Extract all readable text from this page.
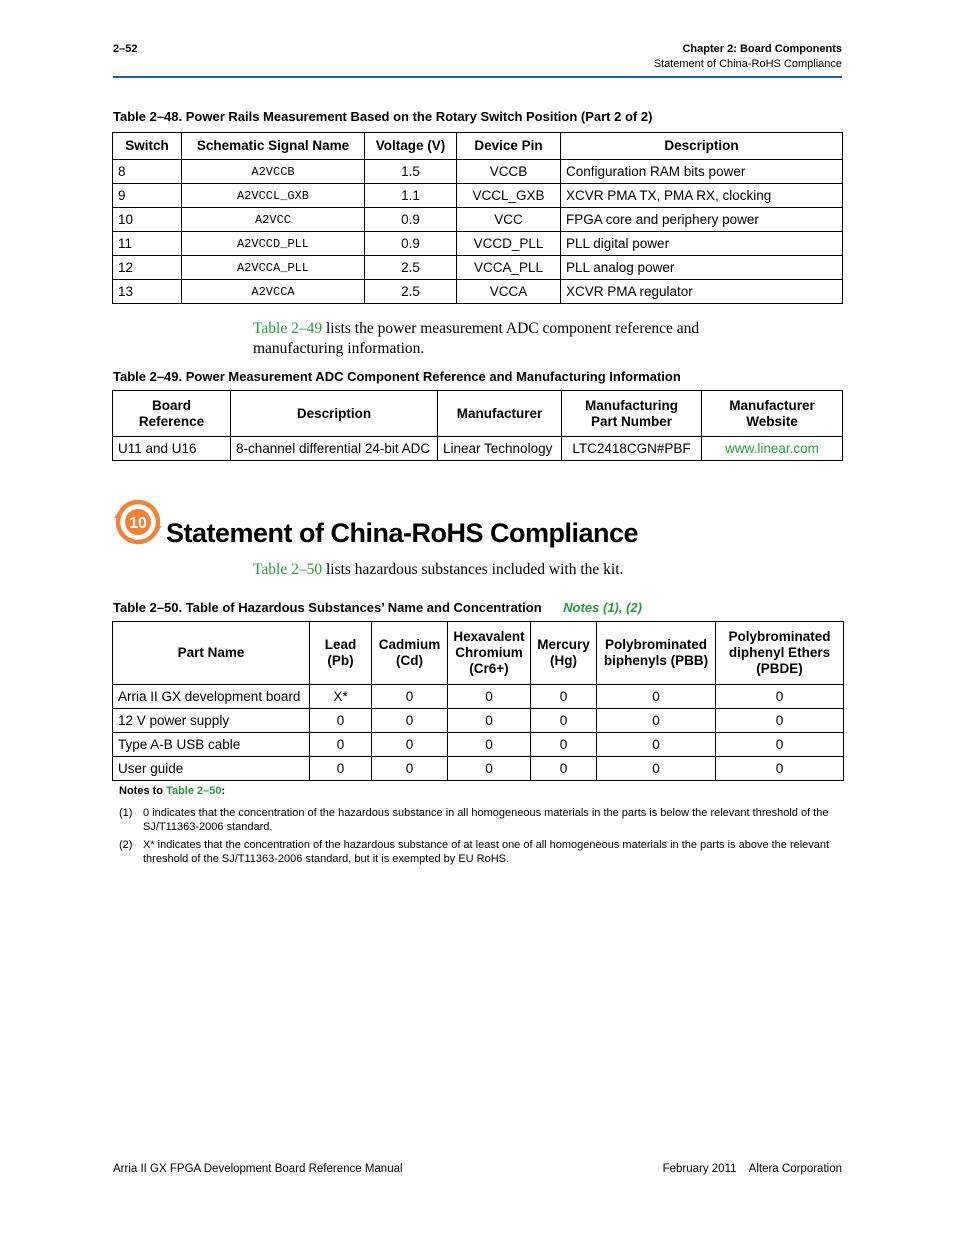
2–52	Chapter 2: Board Components
Statement of China-RoHS Compliance
Table 2–48. Power Rails Measurement Based on the Rotary Switch Position (Part 2 of 2)
Switch	Schematic Signal Name	Voltage (V)	Device Pin	Description
8	A2VCCB	1.5	VCCB	Configuration RAM bits power
9	A2VCCL_GXB	1.1	VCCL_GXB	XCVR PMA TX, PMA RX, clocking
10	A2VCC	0.9	VCC	FPGA core and periphery power
11	A2VCCD_PLL	0.9	VCCD_PLL	PLL digital power
12	A2VCCA_PLL	2.5	VCCA_PLL	PLL analog power
13	A2VCCA	2.5	VCCA	XCVR PMA regulator
Table 2–49 lists the power measurement ADC component reference and
manufacturing information.
Table 2–49. Power Measurement ADC Component Reference and Manufacturing Information
Board Reference	Description	Manufacturer	Manufacturing Part Number	Manufacturer Website
U11 and U16	8-channel differential 24-bit ADC	Linear Technology	LTC2418CGN#PBF	www.linear.com
10 Statement of China-RoHS Compliance
Table 2–50 lists hazardous substances included with the kit.
Table 2–50. Table of Hazardous Substances’ Name and Concentration Notes (1), (2)
Part Name	Lead (Pb)	Cadmium (Cd)	Hexavalent Chromium (Cr6+)	Mercury (Hg)	Polybrominated biphenyls (PBB)	Polybrominated diphenyl Ethers (PBDE)
Arria II GX development board	X*	0	0	0	0	0
12 V power supply	0	0	0	0	0	0
Type A-B USB cable	0	0	0	0	0	0
User guide	0	0	0	0	0	0
Notes to Table 2–50:
(1) 0 indicates that the concentration of the hazardous substance in all homogeneous materials in the parts is below the relevant threshold of the SJ/T11363-2006 standard.
(2) X* indicates that the concentration of the hazardous substance of at least one of all homogeneous materials in the parts is above the relevant threshold of the SJ/T11363-2006 standard, but it is exempted by EU RoHS.
Arria II GX FPGA Development Board Reference Manual	February 2011    Altera Corporation
